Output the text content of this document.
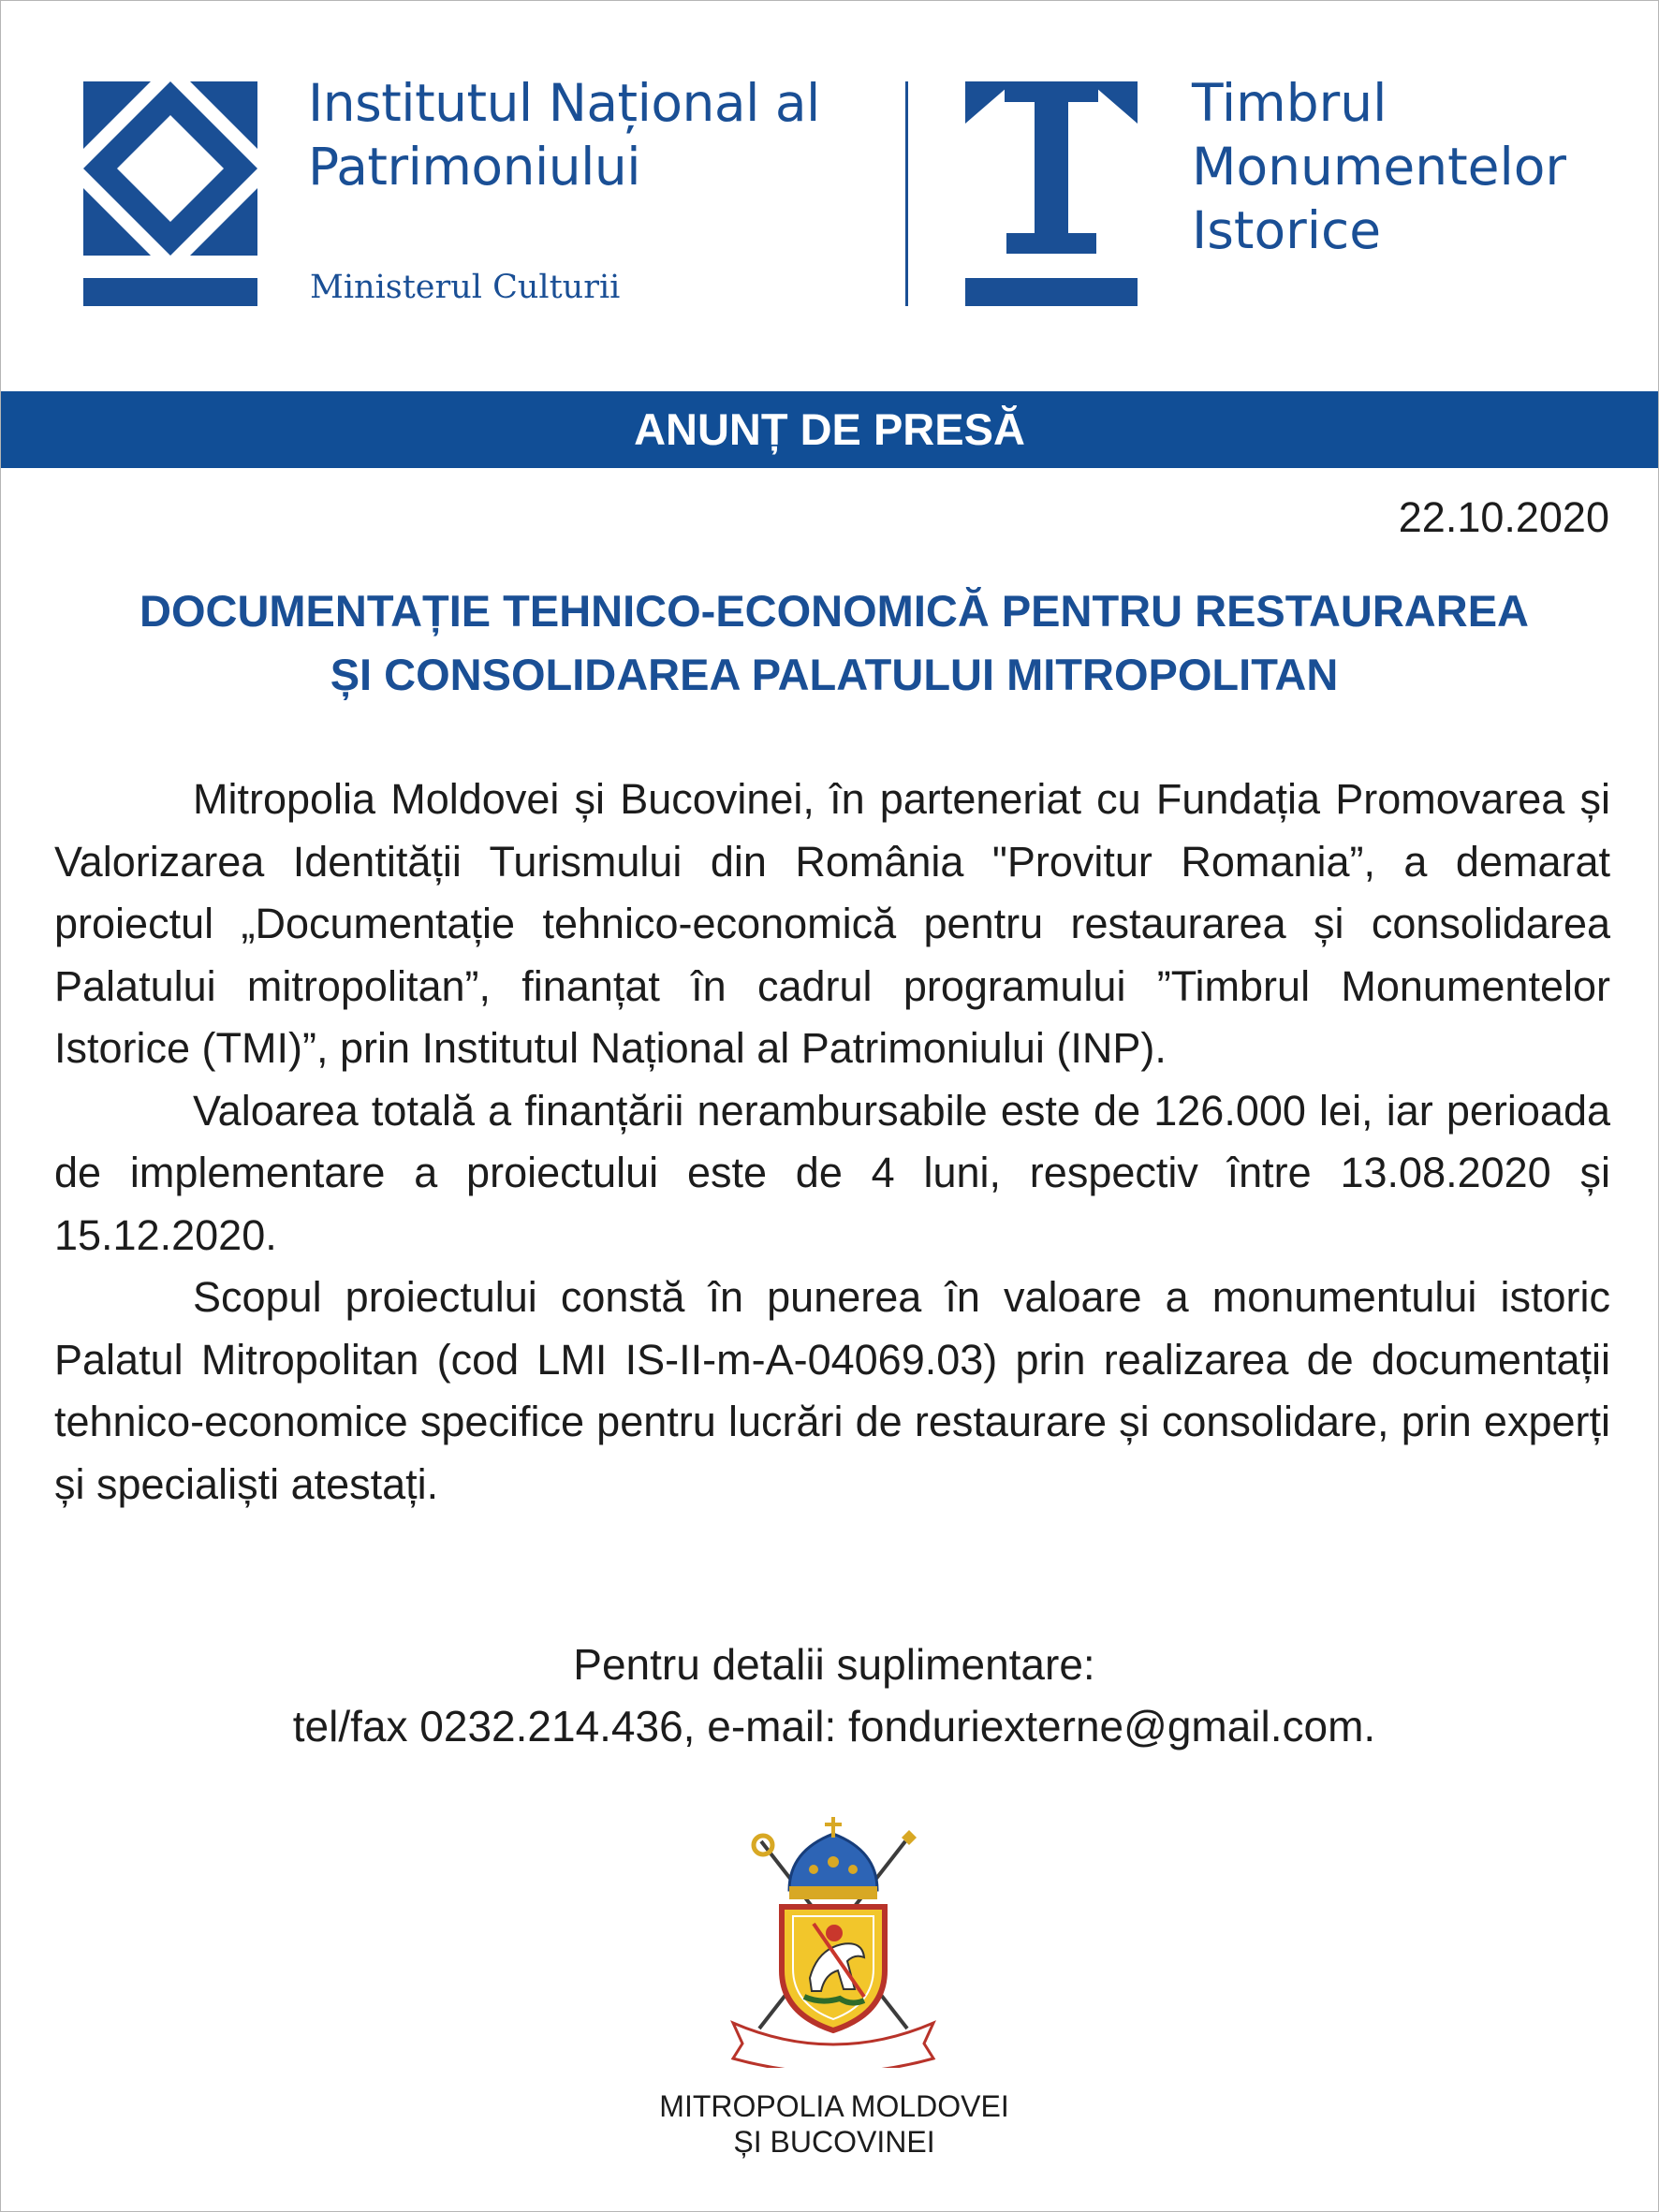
Institutul Național al
Patrimoniului
Ministerul Culturii
Timbrul
Monumentelor
Istorice
ANUNȚ DE PRESĂ
22.10.2020
DOCUMENTAȚIE TEHNICO-ECONOMICĂ PENTRU RESTAURAREA
ȘI CONSOLIDAREA PALATULUI MITROPOLITAN

Mitropolia Moldovei și Bucovinei, în parteneriat cu Fundația Promovarea și Valorizarea Identității Turismului din România "Provitur Romania”, a demarat proiectul „Documentație tehnico-economică pentru restaurarea și consolidarea Palatului mitropolitan”, finanțat în cadrul programului ”Timbrul Monumentelor Istorice (TMI)”, prin Institutul Național al Patrimoniului (INP).

Valoarea totală a finanțării nerambursabile este de 126.000 lei, iar perioada de implementare a proiectului este de 4 luni, respectiv între 13.08.2020 și 15.12.2020.

Scopul proiectului constă în punerea în valoare a monumentului istoric Palatul Mitropolitan (cod LMI IS-II-m-A-04069.03) prin realizarea de documentații tehnico-economice specifice pentru lucrări de restaurare și consolidare, prin experți și specialiști atestați.

Pentru detalii suplimentare:
tel/fax 0232.214.436, e-mail: fonduriexterne@gmail.com.
MITROPOLIA MOLDOVEI
ȘI BUCOVINEI
